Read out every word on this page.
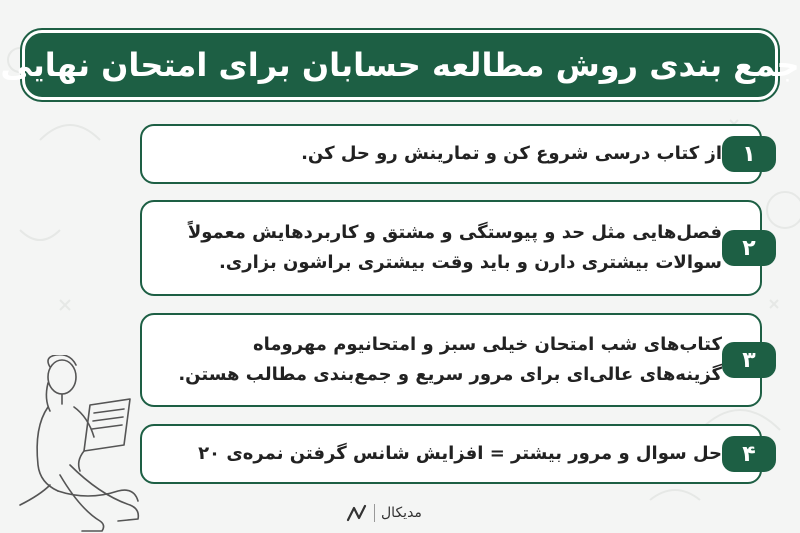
جمع بندی روش مطالعه حسابان برای امتحان نهایی
از کتاب درسی شروع کن و تمارینش رو حل کن. ۱
فصل‌هایی مثل حد و پیوستگی و مشتق و کاربردهایش معمولاً
سوالات بیشتری دارن و باید وقت بیشتری براشون بزاری.
۲
کتاب‌های شب امتحان خیلی سبز و امتحانیوم مهروماه
گزینه‌های عالی‌ای برای مرور سریع و جمع‌بندی مطالب هستن.
۳
حل سوال و مرور بیشتر = افزایش شانس گرفتن نمره‌ی ۲۰ ۴
مدیکال
